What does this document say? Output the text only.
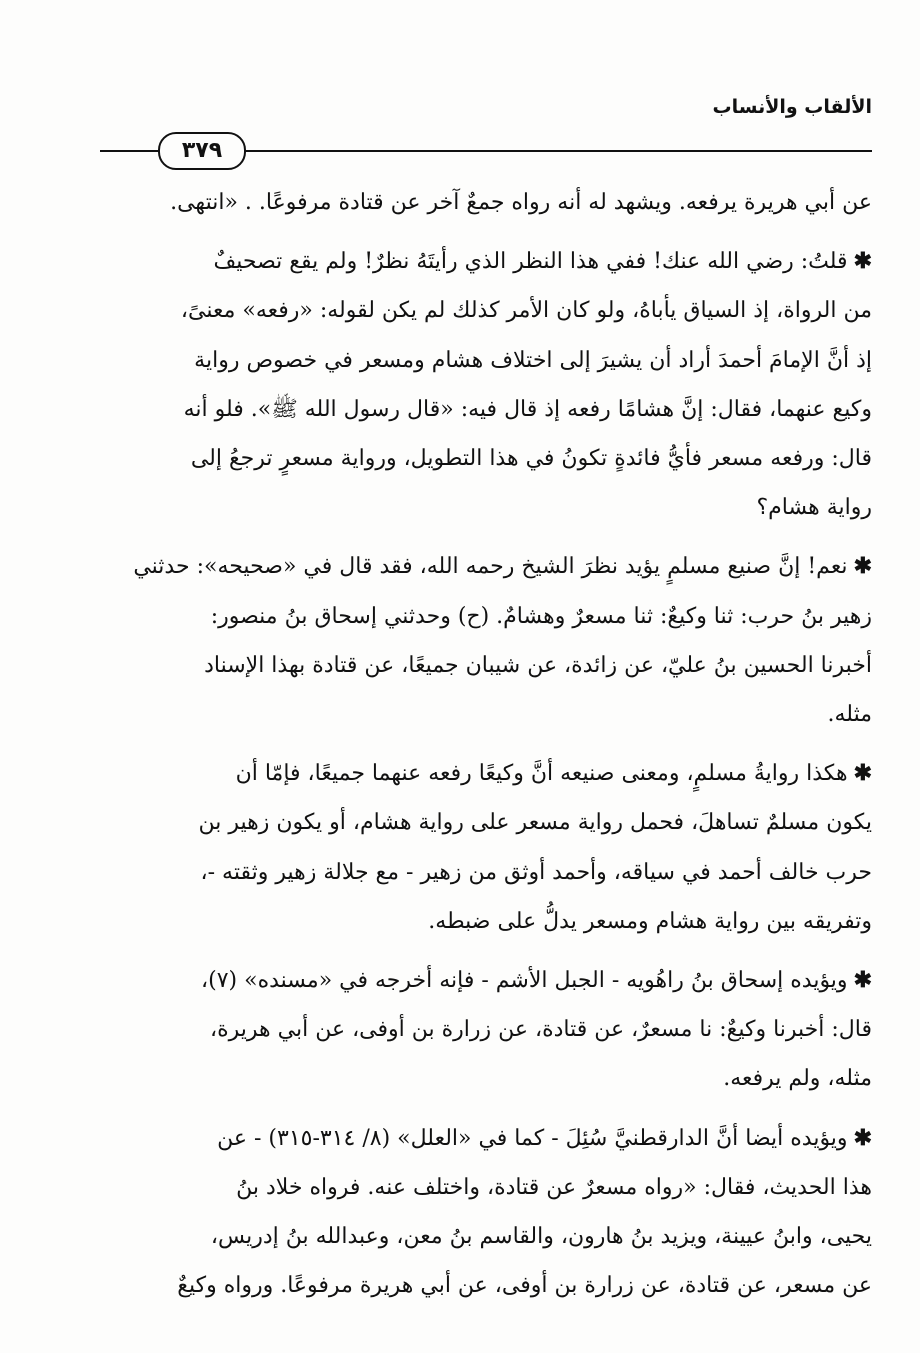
الألقاب والأنساب
٣٧٩
عن أبي هريرة يرفعه. ويشهد له أنه رواه جمعٌ آخر عن قتادة مرفوعًا. . «انتهى.
✱قلتُ: رضي الله عنك! ففي هذا النظر الذي رأيتَهُ نظرٌ! ولم يقع تصحيفٌ
من الرواة، إذ السياق يأباهُ، ولو كان الأمر كذلك لم يكن لقوله: «رفعه» معنىً،
إذ أنَّ الإمامَ أحمدَ أراد أن يشيرَ إلى اختلاف هشام ومسعر في خصوص رواية
وكيع عنهما، فقال: إنَّ هشامًا رفعه إذ قال فيه: «قال رسول الله ﷺ». فلو أنه
قال: ورفعه مسعر فأيُّ فائدةٍ تكونُ في هذا التطويل، ورواية مسعرٍ ترجعُ إلى
رواية هشام؟
✱نعم! إنَّ صنيع مسلمٍ يؤيد نظرَ الشيخ رحمه الله، فقد قال في «صحيحه»: حدثني
زهير بنُ حرب: ثنا وكيعٌ: ثنا مسعرٌ وهشامٌ. (ح) وحدثني إسحاق بنُ منصور:
أخبرنا الحسين بنُ عليّ، عن زائدة، عن شيبان جميعًا، عن قتادة بهذا الإسناد
مثله.
✱هكذا روايةُ مسلمٍ، ومعنى صنيعه أنَّ وكيعًا رفعه عنهما جميعًا، فإمّا أن
يكون مسلمٌ تساهلَ، فحمل رواية مسعر على رواية هشام، أو يكون زهير بن
حرب خالف أحمد في سياقه، وأحمد أوثق من زهير - مع جلالة زهير وثقته -،
وتفريقه بين رواية هشام ومسعر يدلُّ على ضبطه.
✱ويؤيده إسحاق بنُ راهُويه - الجبل الأشم - فإنه أخرجه في «مسنده» (٧)،
قال: أخبرنا وكيعٌ: نا مسعرٌ، عن قتادة، عن زرارة بن أوفى، عن أبي هريرة،
مثله، ولم يرفعه.
✱ويؤيده أيضا أنَّ الدارقطنيَّ سُئِلَ - كما في «العلل» (٨/ ٣١٤-٣١٥) - عن
هذا الحديث، فقال: «رواه مسعرٌ عن قتادة، واختلف عنه. فرواه خلاد بنُ
يحيى، وابنُ عيينة، ويزيد بنُ هارون، والقاسم بنُ معن، وعبدالله بنُ إدريس،
عن مسعر، عن قتادة، عن زرارة بن أوفى، عن أبي هريرة مرفوعًا. ورواه وكيعٌ
